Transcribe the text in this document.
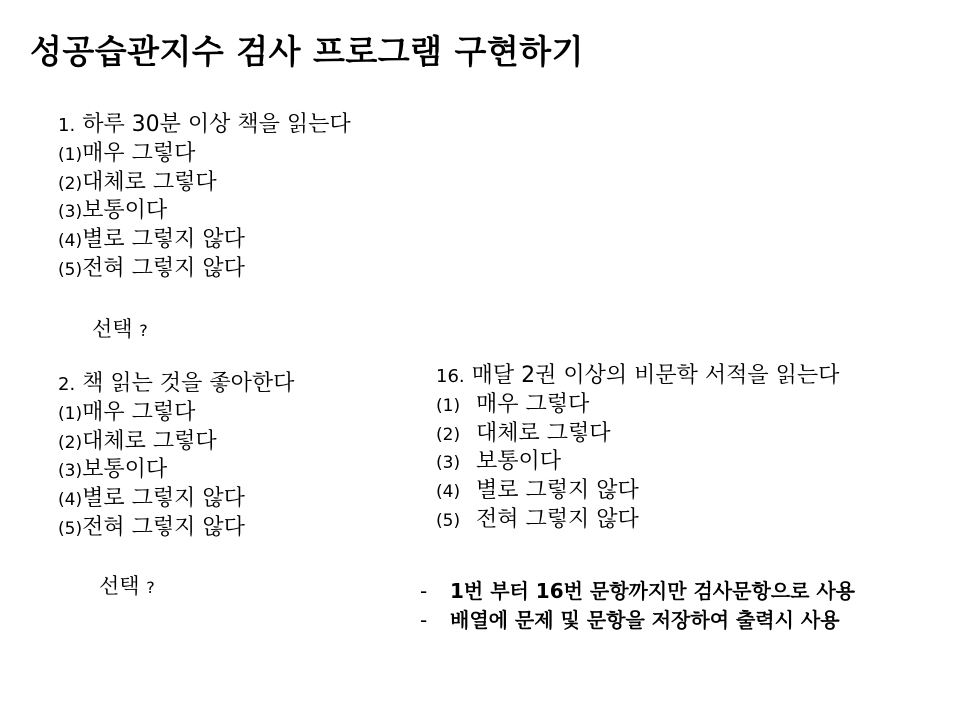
성공습관지수 검사 프로그램 구현하기
1. 하루 30분 이상 책을 읽는다
(1)매우 그렇다
(2)대체로 그렇다
(3)보통이다
(4)별로 그렇지 않다
(5)전혀 그렇지 않다
선택 ?
2. 책 읽는 것을 좋아한다
(1)매우 그렇다
(2)대체로 그렇다
(3)보통이다
(4)별로 그렇지 않다
(5)전혀 그렇지 않다
선택 ?
16. 매달 2권 이상의 비문학 서적을 읽는다
(1) 매우 그렇다
(2) 대체로 그렇다
(3) 보통이다
(4) 별로 그렇지 않다
(5) 전혀 그렇지 않다
- 1번 부터 16번 문항까지만 검사문항으로 사용
- 배열에 문제 및 문항을 저장하여 출력시 사용
